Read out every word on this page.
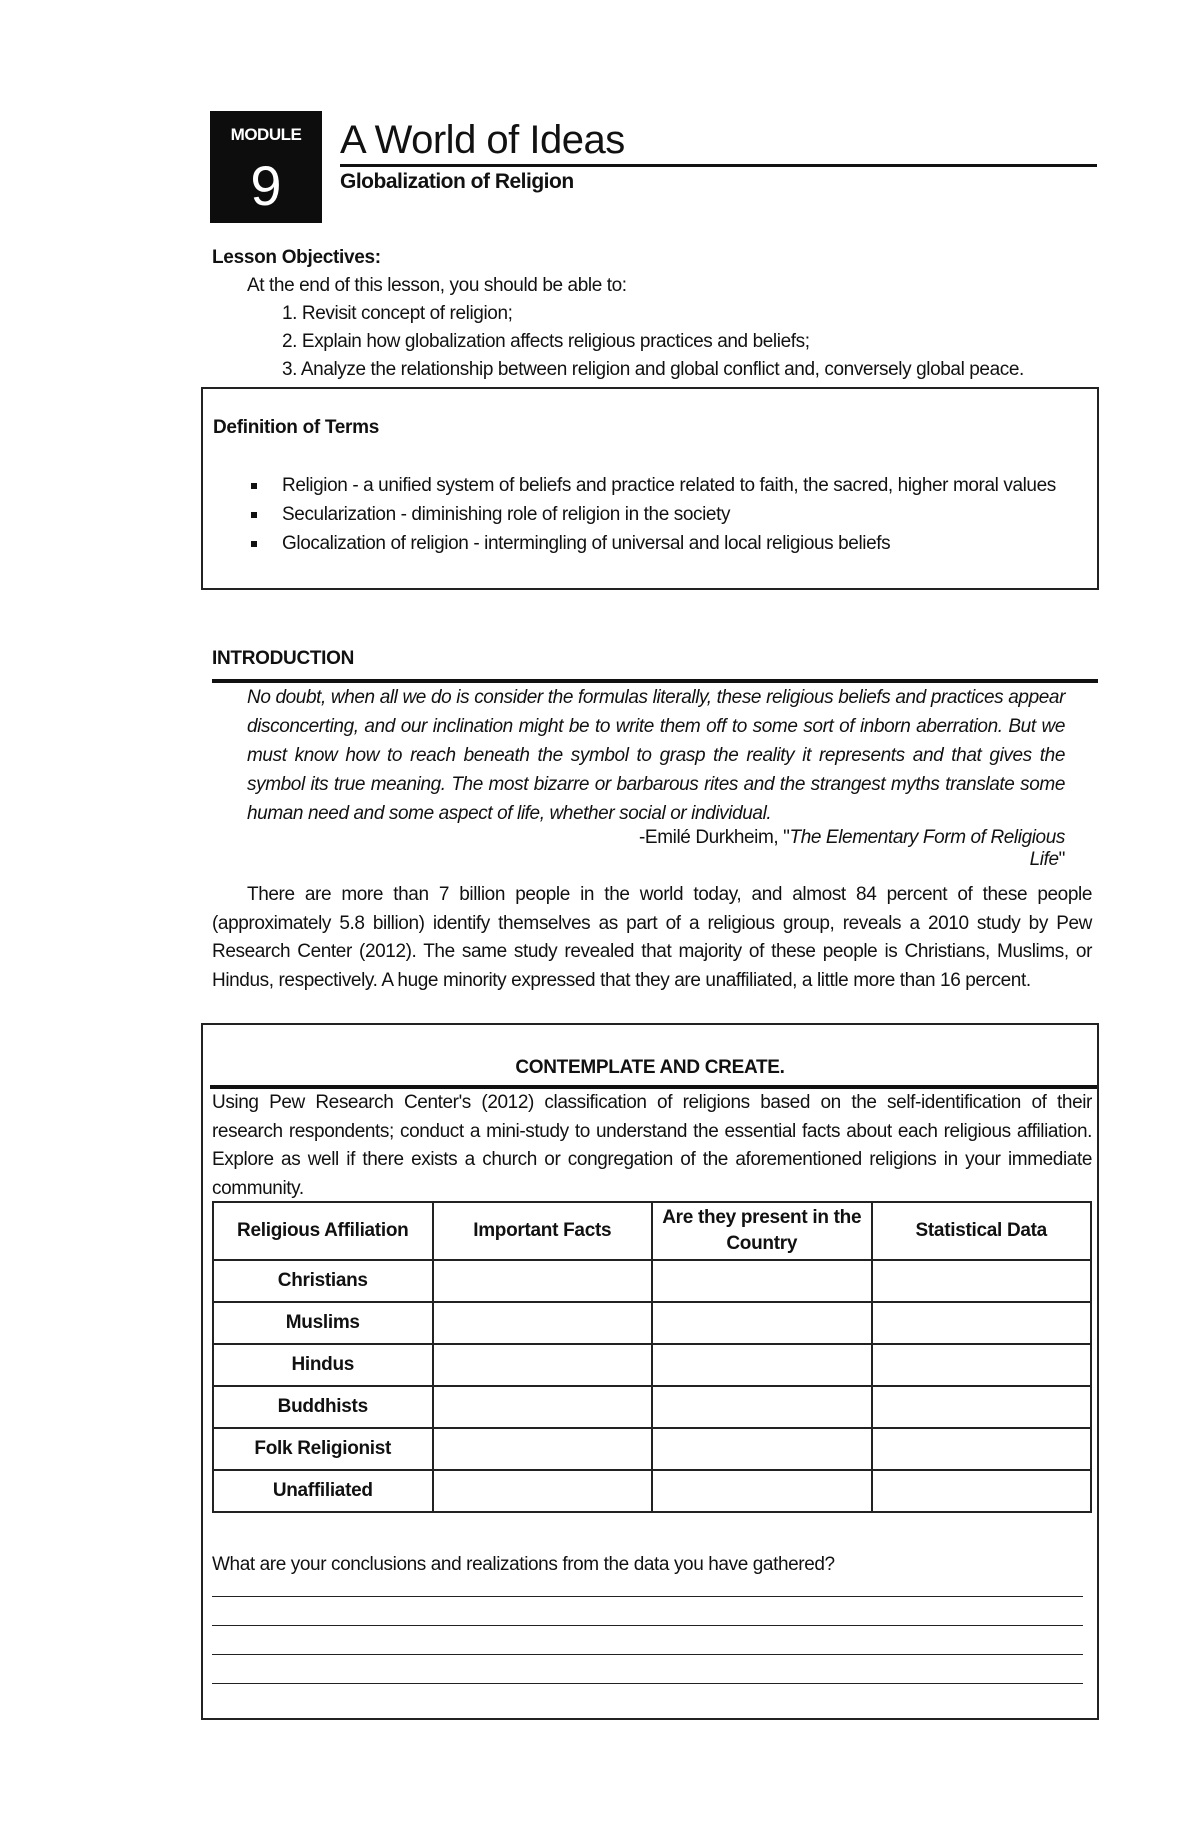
MODULE
9
A World of Ideas
Globalization of Religion
Lesson Objectives:
At the end of this lesson, you should be able to:
1. Revisit concept of religion;
2. Explain how globalization affects religious practices and beliefs;
3. Analyze the relationship between religion and global conflict and, conversely global peace.
Definition of Terms
Religion - a unified system of beliefs and practice related to faith, the sacred, higher moral values
Secularization - diminishing role of religion in the society
Glocalization of religion - intermingling of universal and local religious beliefs
INTRODUCTION
No doubt, when all we do is consider the formulas literally, these religious beliefs and practices appear disconcerting, and our inclination might be to write them off to some sort of inborn aberration. But we must know how to reach beneath the symbol to grasp the reality it represents and that gives the symbol its true meaning. The most bizarre or barbarous rites and the strangest myths translate some human need and some aspect of life, whether social or individual.
-Emilé Durkheim, "The Elementary Form of Religious Life"
There are more than 7 billion people in the world today, and almost 84 percent of these people (approximately 5.8 billion) identify themselves as part of a religious group, reveals a 2010 study by Pew Research Center (2012). The same study revealed that majority of these people is Christians, Muslims, or Hindus, respectively. A huge minority expressed that they are unaffiliated, a little more than 16 percent.
CONTEMPLATE AND CREATE.
Using Pew Research Center's (2012) classification of religions based on the self-identification of their research respondents; conduct a mini-study to understand the essential facts about each religious affiliation. Explore as well if there exists a church or congregation of the aforementioned religions in your immediate community.
Religious Affiliation	Important Facts	Are they present in the Country	Statistical Data
Christians			
Muslims			
Hindus			
Buddhists			
Folk Religionist			
Unaffiliated			
What are your conclusions and realizations from the data you have gathered?
